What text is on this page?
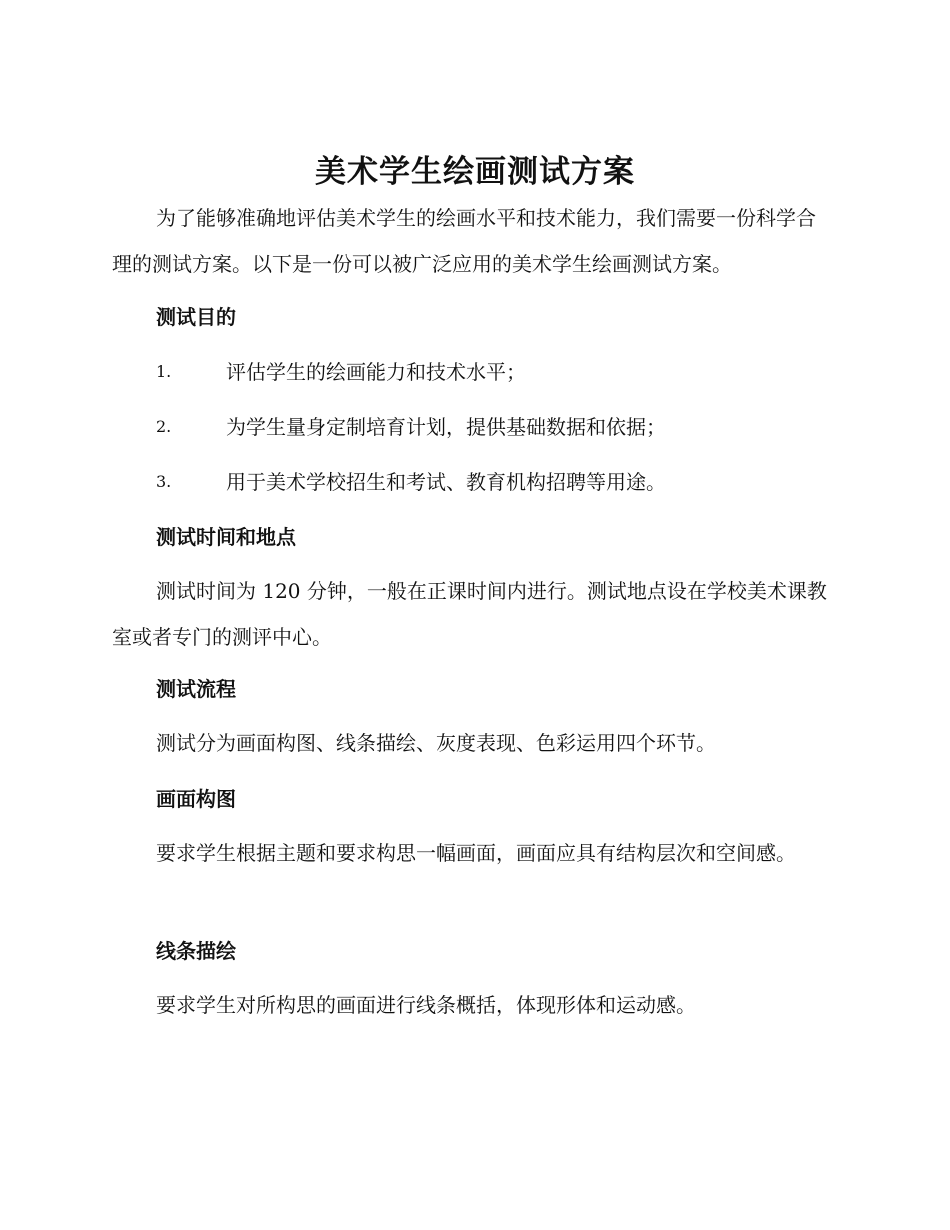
美术学生绘画测试方案
为了能够准确地评估美术学生的绘画水平和技术能力，我们需要一份科学合理的测试方案。以下是一份可以被广泛应用的美术学生绘画测试方案。
测试目的
1.	评估学生的绘画能力和技术水平；
2.	为学生量身定制培育计划，提供基础数据和依据；
3.	用于美术学校招生和考试、教育机构招聘等用途。
测试时间和地点
测试时间为 120 分钟，一般在正课时间内进行。测试地点设在学校美术课教室或者专门的测评中心。
测试流程
测试分为画面构图、线条描绘、灰度表现、色彩运用四个环节。
画面构图
要求学生根据主题和要求构思一幅画面，画面应具有结构层次和空间感。
线条描绘
要求学生对所构思的画面进行线条概括，体现形体和运动感。
